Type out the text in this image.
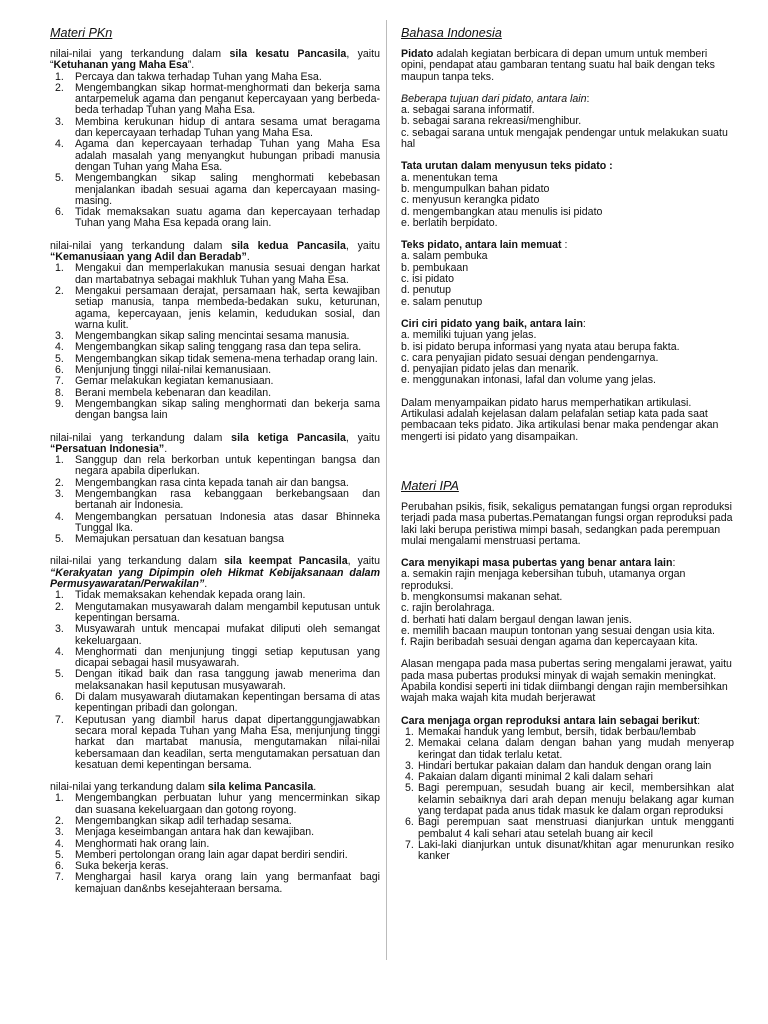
Materi PKn
nilai-nilai yang terkandung dalam sila kesatu Pancasila, yaitu “Ketuhanan yang Maha Esa”.
1. Percaya dan takwa terhadap Tuhan yang Maha Esa.
2. Mengembangkan sikap hormat-menghormati dan bekerja sama antarpemeluk agama dan penganut kepercayaan yang berbeda-beda terhadap Tuhan yang Maha Esa.
3. Membina kerukunan hidup di antara sesama umat beragama dan kepercayaan terhadap Tuhan yang Maha Esa.
4. Agama dan kepercayaan terhadap Tuhan yang Maha Esa adalah masalah yang menyangkut hubungan pribadi manusia dengan Tuhan yang Maha Esa.
5. Mengembangkan sikap saling menghormati kebebasan menjalankan ibadah sesuai agama dan kepercayaan masing-masing.
6. Tidak memaksakan suatu agama dan kepercayaan terhadap Tuhan yang Maha Esa kepada orang lain.
nilai-nilai yang terkandung dalam sila kedua Pancasila, yaitu “Kemanusiaan yang Adil dan Beradab”.
1. Mengakui dan memperlakukan manusia sesuai dengan harkat dan martabatnya sebagai makhluk Tuhan yang Maha Esa.
2. Mengakui persamaan derajat, persamaan hak, serta kewajiban setiap manusia, tanpa membeda-bedakan suku, keturunan, agama, kepercayaan, jenis kelamin, kedudukan sosial, dan warna kulit.
3. Mengembangkan sikap saling mencintai sesama manusia.
4. Mengembangkan sikap saling tenggang rasa dan tepa selira.
5. Mengembangkan sikap tidak semena-mena terhadap orang lain.
6. Menjunjung tinggi nilai-nilai kemanusiaan.
7. Gemar melakukan kegiatan kemanusiaan.
8. Berani membela kebenaran dan keadilan.
9. Mengembangkan sikap saling menghormati dan bekerja sama dengan bangsa lain
nilai-nilai yang terkandung dalam sila ketiga Pancasila, yaitu “Persatuan Indonesia”.
1. Sanggup dan rela berkorban untuk kepentingan bangsa dan negara apabila diperlukan.
2. Mengembangkan rasa cinta kepada tanah air dan bangsa.
3. Mengembangkan rasa kebanggaan berkebangsaan dan bertanah air Indonesia.
4. Mengembangkan persatuan Indonesia atas dasar Bhinneka Tunggal Ika.
5. Memajukan persatuan dan kesatuan bangsa
nilai-nilai yang terkandung dalam sila keempat Pancasila, yaitu “Kerakyatan yang Dipimpin oleh Hikmat Kebijaksanaan dalam Permusyawaratan/Perwakilan”.
1. Tidak memaksakan kehendak kepada orang lain.
2. Mengutamakan musyawarah dalam mengambil keputusan untuk kepentingan bersama.
3. Musyawarah untuk mencapai mufakat diliputi oleh semangat kekeluargaan.
4. Menghormati dan menjunjung tinggi setiap keputusan yang dicapai sebagai hasil musyawarah.
5. Dengan itikad baik dan rasa tanggung jawab menerima dan melaksanakan hasil keputusan musyawarah.
6. Di dalam musyawarah diutamakan kepentingan bersama di atas kepentingan pribadi dan golongan.
7. Keputusan yang diambil harus dapat dipertanggungjawabkan secara moral kepada Tuhan yang Maha Esa, menjunjung tinggi harkat dan martabat manusia, mengutamakan nilai-nilai kebersamaan dan keadilan, serta mengutamakan persatuan dan kesatuan demi kepentingan bersama.
nilai-nilai yang terkandung dalam sila kelima Pancasila.
1. Mengembangkan perbuatan luhur yang mencerminkan sikap dan suasana kekeluargaan dan gotong royong.
2. Mengembangkan sikap adil terhadap sesama.
3. Menjaga keseimbangan antara hak dan kewajiban.
4. Menghormati hak orang lain.
5. Memberi pertolongan orang lain agar dapat berdiri sendiri.
6. Suka bekerja keras.
7. Menghargai hasil karya orang lain yang bermanfaat bagi kemajuan dan&nbs kesejahteraan bersama.
Bahasa Indonesia
Pidato adalah kegiatan berbicara di depan umum untuk memberi opini, pendapat atau gambaran tentang suatu hal baik dengan teks maupun tanpa teks.
Beberapa tujuan dari pidato, antara lain:
a. sebagai sarana informatif.
b. sebagai sarana rekreasi/menghibur.
c. sebagai sarana untuk mengajak pendengar untuk melakukan suatu hal
Tata urutan dalam menyusun teks pidato :
a. menentukan tema
b. mengumpulkan bahan pidato
c. menyusun kerangka pidato
d. mengembangkan atau menulis isi pidato
e. berlatih berpidato.
Teks pidato, antara lain memuat :
a. salam pembuka
b. pembukaan
c. isi pidato
d. penutup
e. salam penutup
Ciri ciri pidato yang baik, antara lain:
a. memiliki tujuan yang jelas.
b. isi pidato berupa informasi yang nyata atau berupa fakta.
c. cara penyajian pidato sesuai dengan pendengarnya.
d. penyajian pidato jelas dan menarik.
e. menggunakan intonasi, lafal dan volume yang jelas.
Dalam menyampaikan pidato harus memperhatikan artikulasi. Artikulasi adalah kejelasan dalam pelafalan setiap kata pada saat pembacaan teks pidato. Jika artikulasi benar maka pendengar akan mengerti isi pidato yang disampaikan.
Materi IPA
Perubahan psikis, fisik, sekaligus pematangan fungsi organ reproduksi terjadi pada masa pubertas.Pematangan fungsi organ reproduksi pada laki laki berupa peristiwa mimpi basah, sedangkan pada perempuan mulai mengalami menstruasi pertama.
Cara menyikapi masa pubertas yang benar antara lain:
a. semakin rajin menjaga kebersihan tubuh, utamanya organ reproduksi.
b. mengkonsumsi makanan sehat.
c. rajin berolahraga.
d. berhati hati dalam bergaul dengan lawan jenis.
e. memilih bacaan maupun tontonan yang sesuai dengan usia kita.
f. Rajin beribadah sesuai dengan agama dan kepercayaan kita.
Alasan mengapa pada masa pubertas sering mengalami jerawat, yaitu pada masa pubertas produksi minyak di wajah semakin meningkat.
Apabila kondisi seperti ini tidak diimbangi dengan rajin membersihkan wajah maka wajah kita mudah berjerawat
Cara menjaga organ reproduksi antara lain sebagai berikut:
1. Memakai handuk yang lembut, bersih, tidak berbau/lembab
2. Memakai celana dalam dengan bahan yang mudah menyerap keringat dan tidak terlalu ketat.
3. Hindari bertukar pakaian dalam dan handuk dengan orang lain
4. Pakaian dalam diganti minimal 2 kali dalam sehari
5. Bagi perempuan, sesudah buang air kecil, membersihkan alat kelamin sebaiknya dari arah depan menuju belakang agar kuman yang terdapat pada anus tidak masuk ke dalam organ reproduksi
6. Bagi perempuan saat menstruasi dianjurkan untuk mengganti pembalut 4 kali sehari atau setelah buang air kecil
7. Laki-laki dianjurkan untuk disunat/khitan agar menurunkan resiko kanker
